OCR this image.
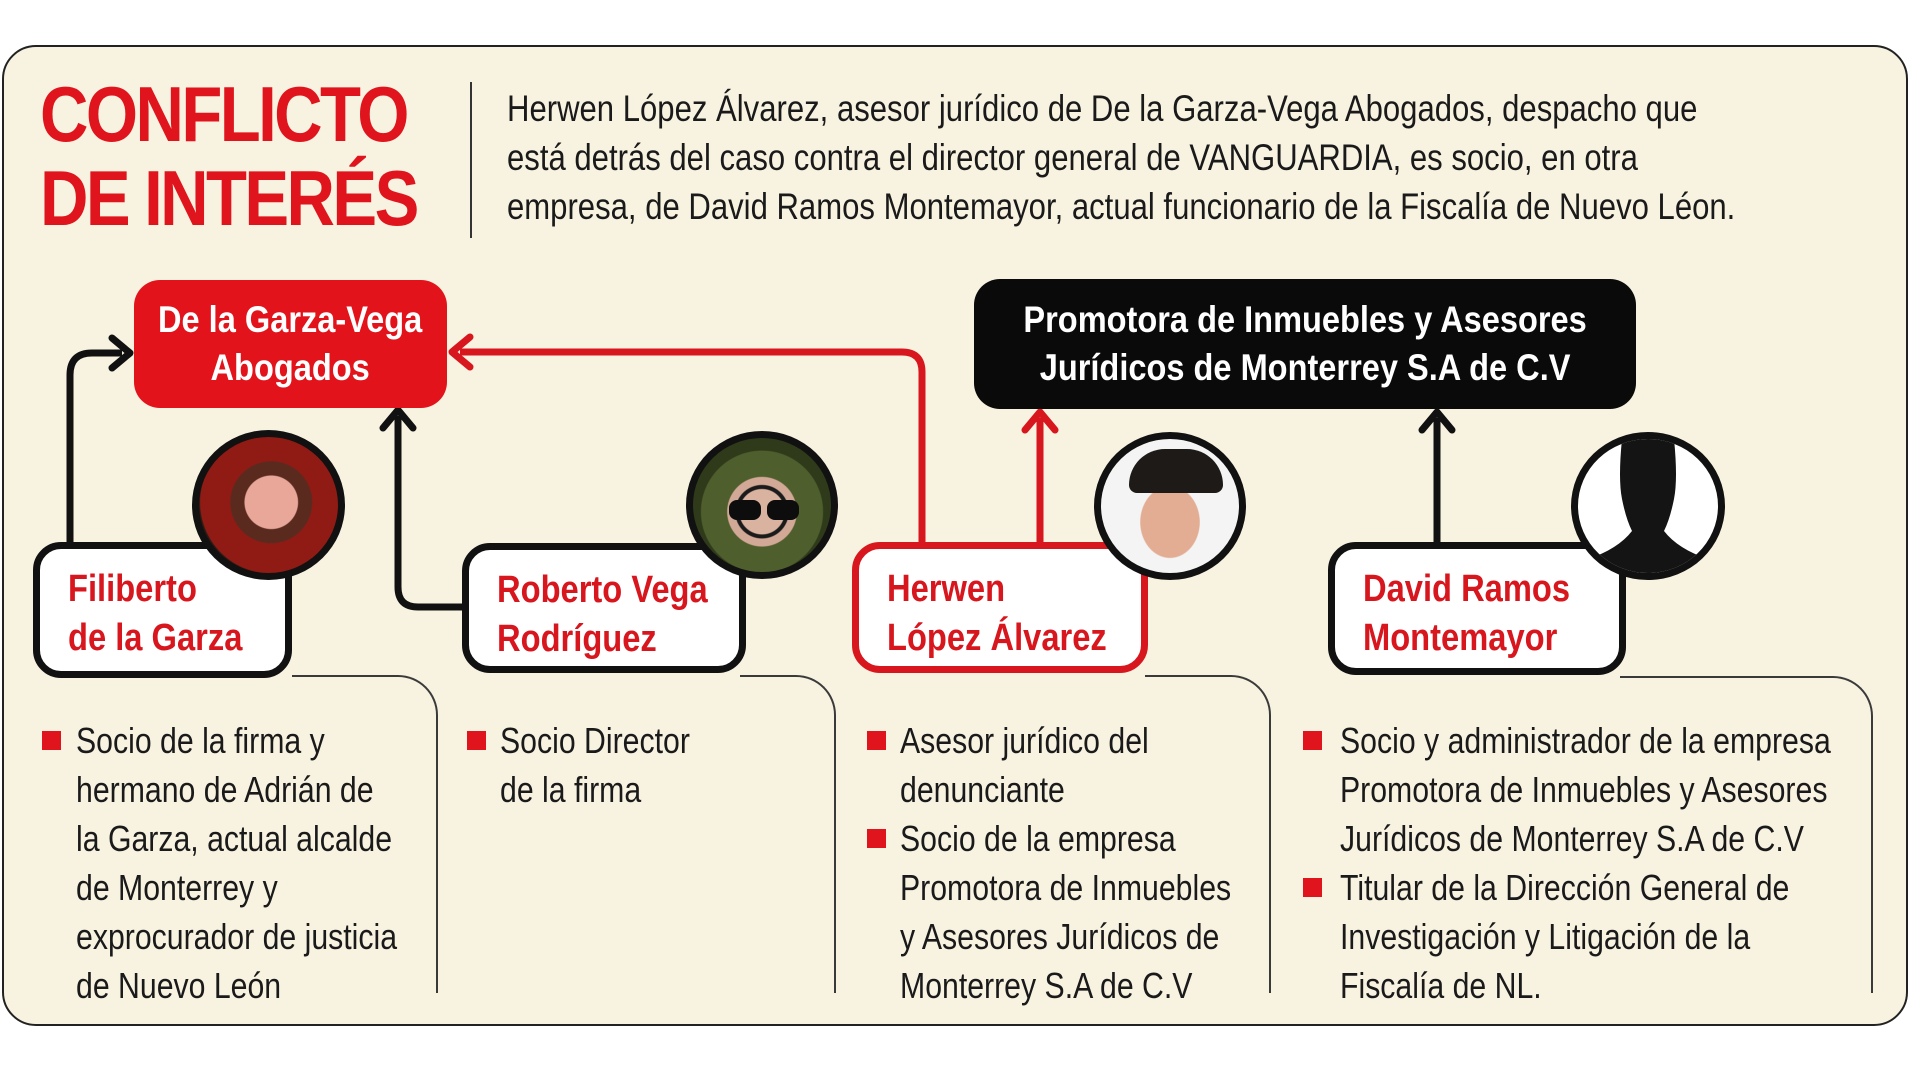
CONFLICTO
DE INTERÉS
Herwen López Álvarez, asesor jurídico de De la Garza-Vega Abogados, despacho que
está detrás del caso contra el director general de VANGUARDIA, es socio, en otra
empresa, de David Ramos Montemayor, actual funcionario de la Fiscalía de Nuevo Léon.
De la Garza-Vega
Abogados
Promotora de Inmuebles y Asesores
Jurídicos de Monterrey S.A de C.V
Filiberto
de la Garza
Socio de la firma y
hermano de Adrián de
la Garza, actual alcalde
de Monterrey y
exprocurador de justicia
de Nuevo León
Roberto Vega
Rodríguez
Socio Director
de la firma
Herwen
López Álvarez
Asesor jurídico del
denunciante
Socio de la empresa
Promotora de Inmuebles
y Asesores Jurídicos de
Monterrey S.A de C.V
David Ramos
Montemayor
Socio y administrador de la empresa
Promotora de Inmuebles y Asesores
Jurídicos de Monterrey S.A de C.V
Titular de la Dirección General de
Investigación y Litigación de la
Fiscalía de NL.
